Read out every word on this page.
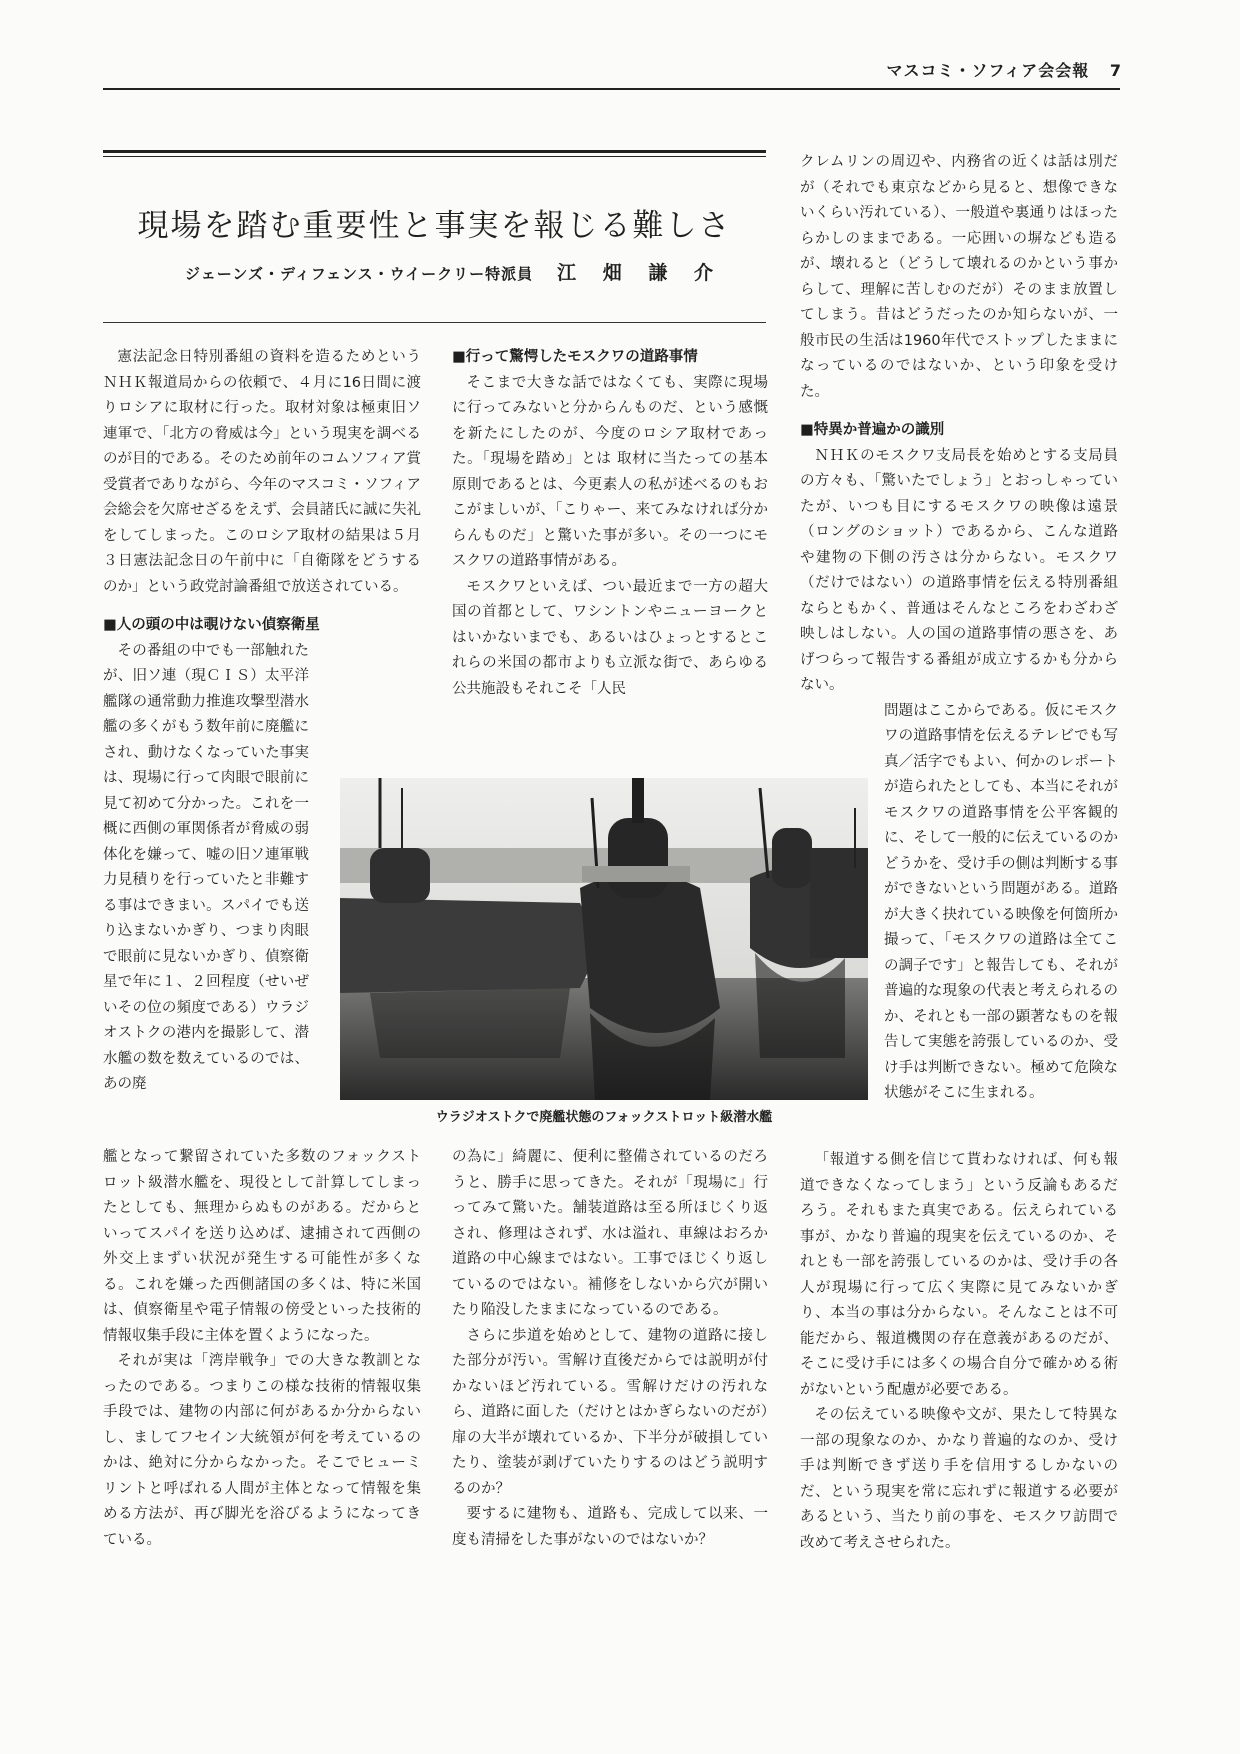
マスコミ・ソフィア会会報 7
現場を踏む重要性と事実を報じる難しさ
ジェーンズ・ディフェンス・ウイークリー特派員 江 畑 謙 介

憲法記念日特別番組の資料を造るためというＮＨＫ報道局からの依頼で、４月に16日間に渡りロシアに取材に行った。取材対象は極東旧ソ連軍で、「北方の脅威は今」という現実を調べるのが目的である。そのため前年のコムソフィア賞受賞者でありながら、今年のマスコミ・ソフィア会総会を欠席せざるをえず、会員諸氏に誠に失礼をしてしまった。このロシア取材の結果は５月３日憲法記念日の午前中に「自衛隊をどうするのか」という政党討論番組で放送されている。

■人の頭の中は覗けない偵察衛星

その番組の中でも一部触れたが、旧ソ連（現ＣＩＳ）太平洋艦隊の通常動力推進攻撃型潜水艦の多くがもう数年前に廃艦にされ、動けなくなっていた事実は、現場に行って肉眼で眼前に見て初めて分かった。これを一概に西側の軍関係者が脅威の弱体化を嫌って、嘘の旧ソ連軍戦力見積りを行っていたと非難する事はできまい。スパイでも送り込まないかぎり、つまり肉眼で眼前に見ないかぎり、偵察衛星で年に１、２回程度（せいぜいその位の頻度である）ウラジオストクの港内を撮影して、潜水艦の数を数えているのでは、あの廃

艦となって繋留されていた多数のフォックストロット級潜水艦を、現役として計算してしまったとしても、無理からぬものがある。だからといってスパイを送り込めば、逮捕されて西側の外交上まずい状況が発生する可能性が多くなる。これを嫌った西側諸国の多くは、特に米国は、偵察衛星や電子情報の傍受といった技術的情報収集手段に主体を置くようになった。

それが実は「湾岸戦争」での大きな教訓となったのである。つまりこの様な技術的情報収集手段では、建物の内部に何があるか分からないし、ましてフセイン大統領が何を考えているのかは、絶対に分からなかった。そこでヒューミリントと呼ばれる人間が主体となって情報を集める方法が、再び脚光を浴びるようになってきている。

■行って驚愕したモスクワの道路事情

そこまで大きな話ではなくても、実際に現場に行ってみないと分からんものだ、という感慨を新たにしたのが、今度のロシア取材であった。「現場を踏め」とは 取材に当たっての基本原則であるとは、今更素人の私が述べるのもおこがましいが、「こりゃー、来てみなければ分からんものだ」と驚いた事が多い。その一つにモスクワの道路事情がある。

モスクワといえば、つい最近まで一方の超大国の首都として、ワシントンやニューヨークとはいかないまでも、あるいはひょっとするとこれらの米国の都市よりも立派な街で、あらゆる公共施設もそれこそ「人民

の為に」綺麗に、便利に整備されているのだろうと、勝手に思ってきた。それが「現場に」行ってみて驚いた。舗装道路は至る所ほじくり返され、修理はされず、水は溢れ、車線はおろか道路の中心線まではない。工事でほじくり返しているのではない。補修をしないから穴が開いたり陥没したままになっているのである。

さらに歩道を始めとして、建物の道路に接した部分が汚い。雪解け直後だからでは説明が付かないほど汚れている。雪解けだけの汚れなら、道路に面した（だけとはかぎらないのだが）扉の大半が壊れているか、下半分が破損していたり、塗装が剥げていたりするのはどう説明するのか？

要するに建物も、道路も、完成して以来、一度も清掃をした事がないのではないか？

クレムリンの周辺や、内務省の近くは話は別だが（それでも東京などから見ると、想像できないくらい汚れている）、一般道や裏通りはほったらかしのままである。一応囲いの塀なども造るが、壊れると（どうして壊れるのかという事からして、理解に苦しむのだが）そのまま放置してしまう。昔はどうだったのか知らないが、一般市民の生活は1960年代でストップしたままになっているのではないか、という印象を受けた。

■特異か普遍かの識別

ＮＨＫのモスクワ支局長を始めとする支局員の方々も、「驚いたでしょう」とおっしゃっていたが、いつも目にするモスクワの映像は遠景（ロングのショット）であるから、こんな道路や建物の下側の汚さは分からない。モスクワ（だけではない）の道路事情を伝える特別番組ならともかく、普通はそんなところをわざわざ映しはしない。人の国の道路事情の悪さを、あげつらって報告する番組が成立するかも分からない。

問題はここからである。仮にモスクワの道路事情を伝えるテレビでも写真／活字でもよい、何かのレポートが造られたとしても、本当にそれがモスクワの道路事情を公平客観的に、そして一般的に伝えているのかどうかを、受け手の側は判断する事ができないという問題がある。道路が大きく抉れている映像を何箇所か撮って、「モスクワの道路は全てこの調子です」と報告しても、それが普遍的な現象の代表と考えられるのか、それとも一部の顕著なものを報告して実態を誇張しているのか、受け手は判断できない。極めて危険な状態がそこに生まれる。

「報道する側を信じて貰わなければ、何も報道できなくなってしまう」という反論もあるだろう。それもまた真実である。伝えられている事が、かなり普遍的現実を伝えているのか、それとも一部を誇張しているのかは、受け手の各人が現場に行って広く実際に見てみないかぎり、本当の事は分からない。そんなことは不可能だから、報道機関の存在意義があるのだが、そこに受け手には多くの場合自分で確かめる術がないという配慮が必要である。

その伝えている映像や文が、果たして特異な一部の現象なのか、かなり普遍的なのか、受け手は判断できず送り手を信用するしかないのだ、という現実を常に忘れずに報道する必要があるという、当たり前の事を、モスクワ訪問で改めて考えさせられた。

ウラジオストクで廃艦状態のフォックストロット級潜水艦
